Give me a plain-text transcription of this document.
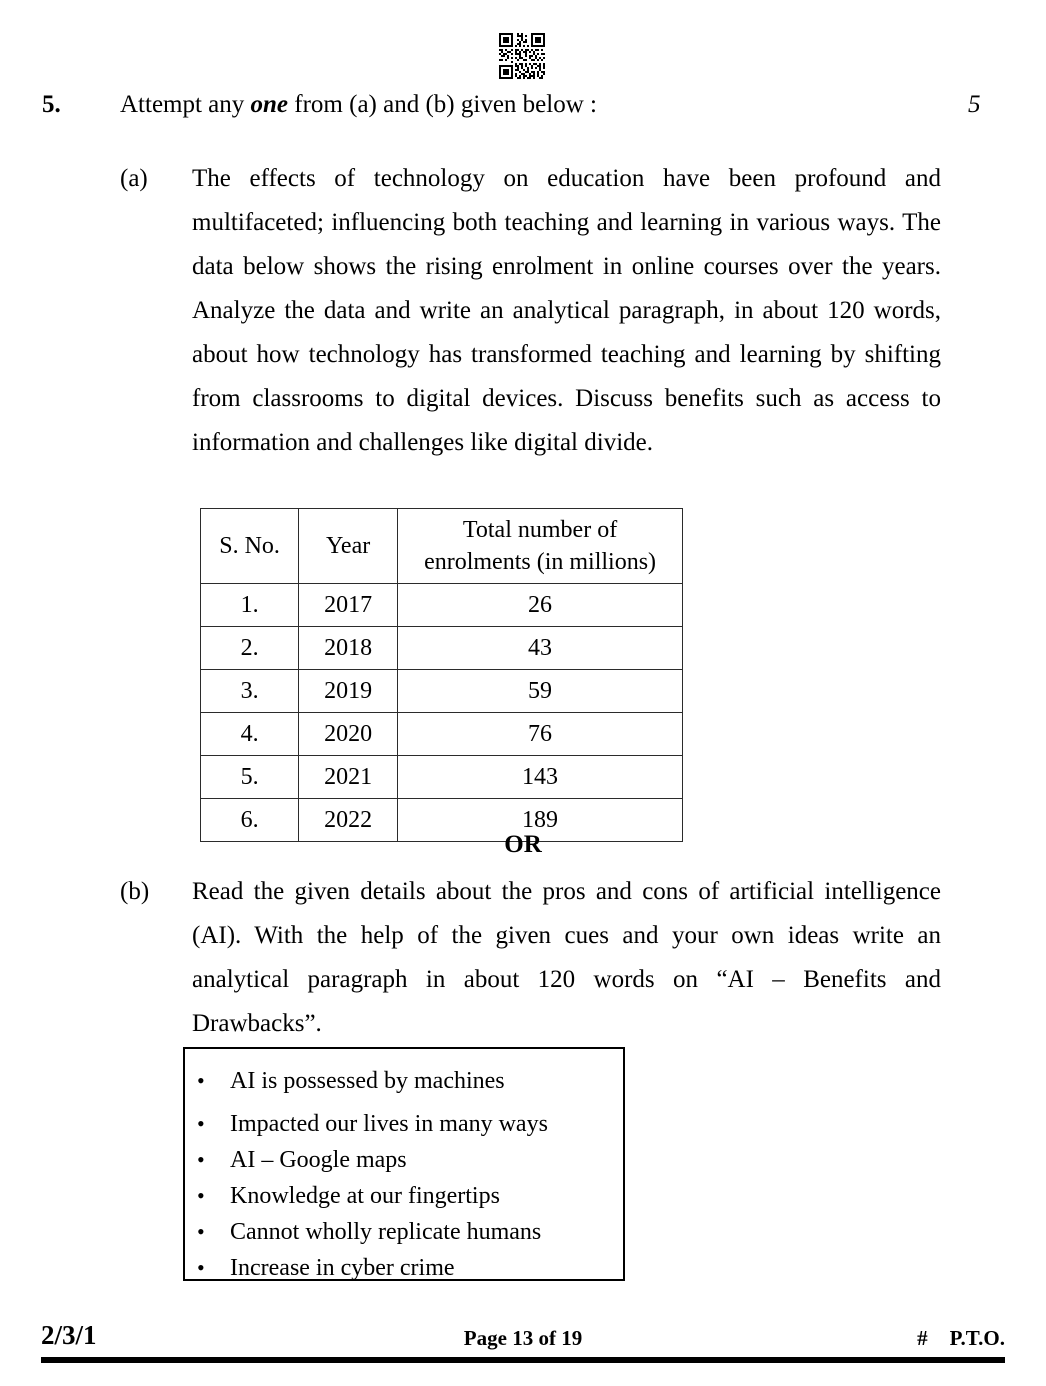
5. Attempt any one from (a) and (b) given below :	5
(a) The effects of technology on education have been profound and multifaceted; influencing both teaching and learning in various ways. The data below shows the rising enrolment in online courses over the years. Analyze the data and write an analytical paragraph, in about 120 words, about how technology has transformed teaching and learning by shifting from classrooms to digital devices. Discuss benefits such as access to information and challenges like digital divide.
S. No.	Year	Total number of
enrolments (in millions)
1.	2017	26
2.	2018	43
3.	2019	59
4.	2020	76
5.	2021	143
6.	2022	189
OR
(b) Read the given details about the pros and cons of artificial intelligence (AI). With the help of the given cues and your own ideas write an analytical paragraph in about 120 words on “AI – Benefits and Drawbacks”.
• AI is possessed by machines
• Impacted our lives in many ways
• AI – Google maps
• Knowledge at our fingertips
• Cannot wholly replicate humans
• Increase in cyber crime
2/3/1	Page 13 of 19	# P.T.O.
